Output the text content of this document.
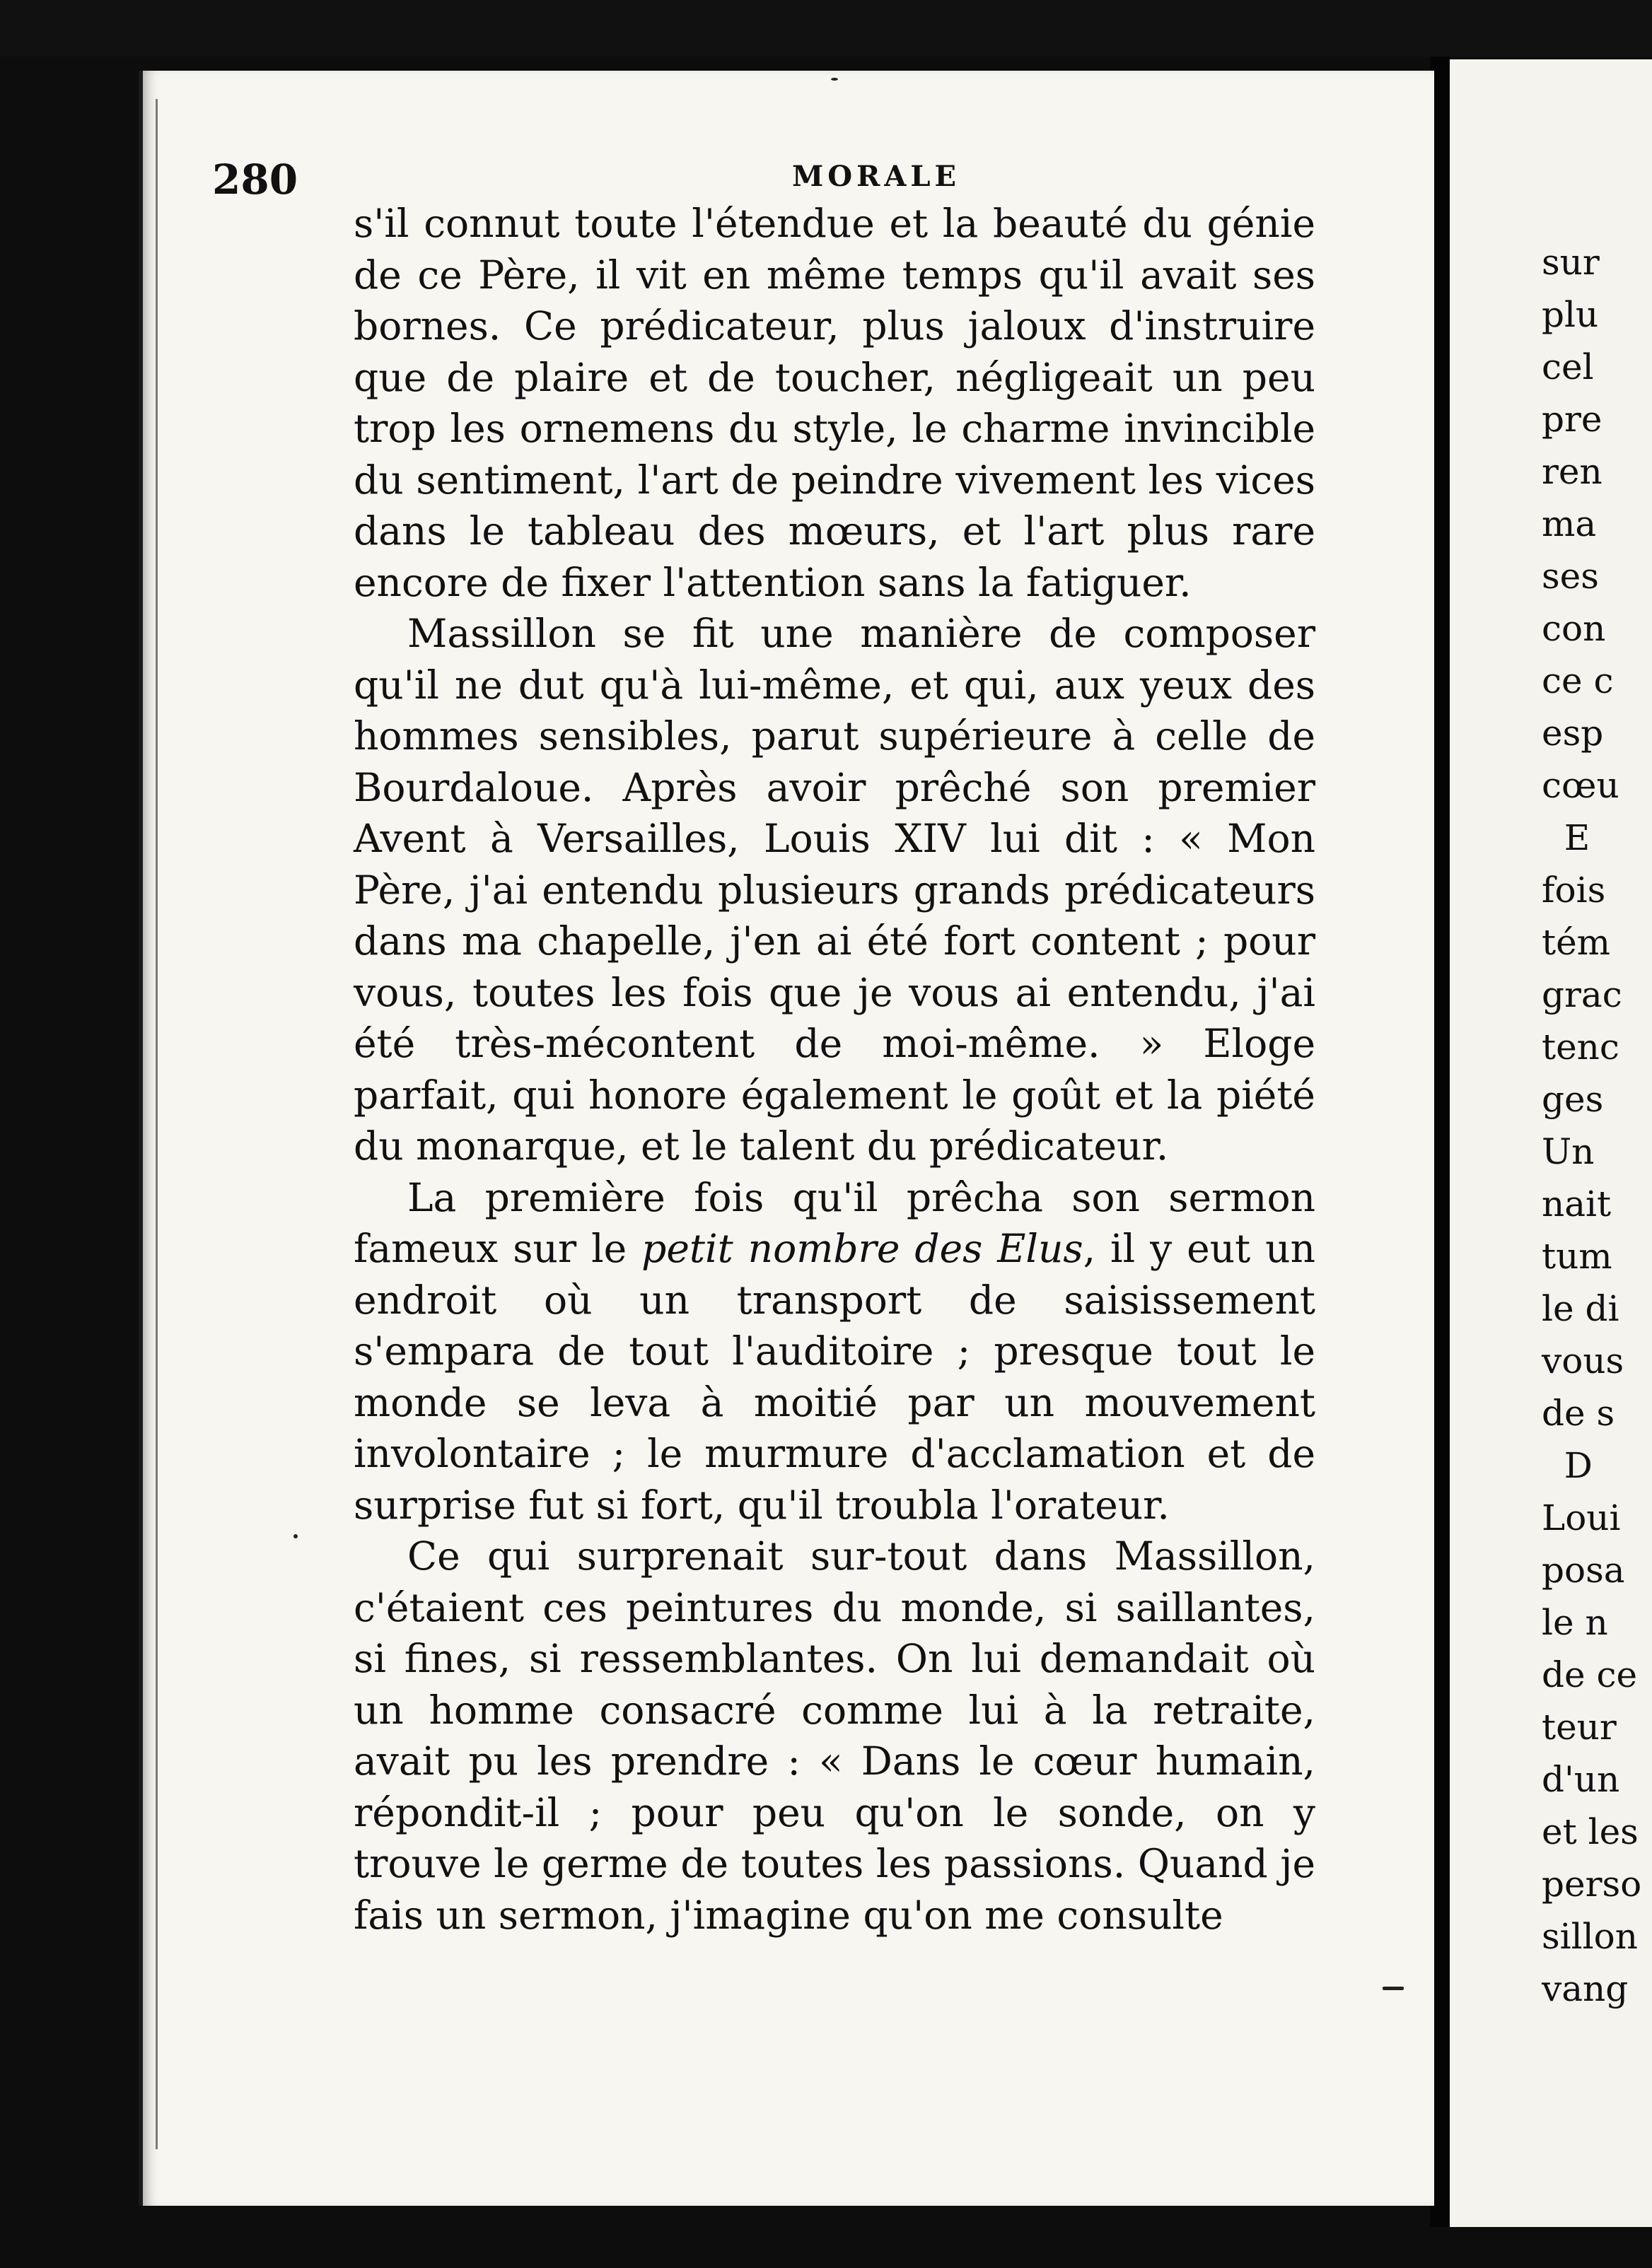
280	MORALE

s'il connut toute l'étendue et la beauté du génie de ce Père, il vit en même temps qu'il avait ses bornes. Ce prédicateur, plus jaloux d'instruire que de plaire et de toucher, négligeait un peu trop les ornemens du style, le charme invincible du sentiment, l'art de peindre vivement les vices dans le tableau des mœurs, et l'art plus rare encore de fixer l'attention sans la fatiguer.

Massillon se fit une manière de composer qu'il ne dut qu'à lui-même, et qui, aux yeux des hommes sensibles, parut supérieure à celle de Bourdaloue. Après avoir prêché son premier Avent à Versailles, Louis XIV lui dit : « Mon Père, j'ai entendu plusieurs grands prédicateurs dans ma chapelle, j'en ai été fort content ; pour vous, toutes les fois que je vous ai entendu, j'ai été très-mécontent de moi-même. » Eloge parfait, qui honore également le goût et la piété du monarque, et le talent du prédicateur.

La première fois qu'il prêcha son sermon fameux sur le petit nombre des Elus, il y eut un endroit où un transport de saisissement s'empara de tout l'auditoire ; presque tout le monde se leva à moitié par un mouvement involontaire ; le murmure d'acclamation et de surprise fut si fort, qu'il troubla l'orateur.

Ce qui surprenait sur-tout dans Massillon, c'étaient ces peintures du monde, si saillantes, si fines, si ressemblantes. On lui demandait où un homme consacré comme lui à la retraite, avait pu les prendre : « Dans le cœur humain, répondit-il ; pour peu qu'on le sonde, on y trouve le germe de toutes les passions. Quand je fais un sermon, j'imagine qu'on me consulte

sur
plu
cel
pre
ren
ma
ses
con
ce c
esp
cœu
E
fois
tém
grac
tenc
ges
Un
nait
tum
le di
vous
de s
D
Loui
posa
le n
de ce
teur
d'un
et les
perso
sillon
vang
